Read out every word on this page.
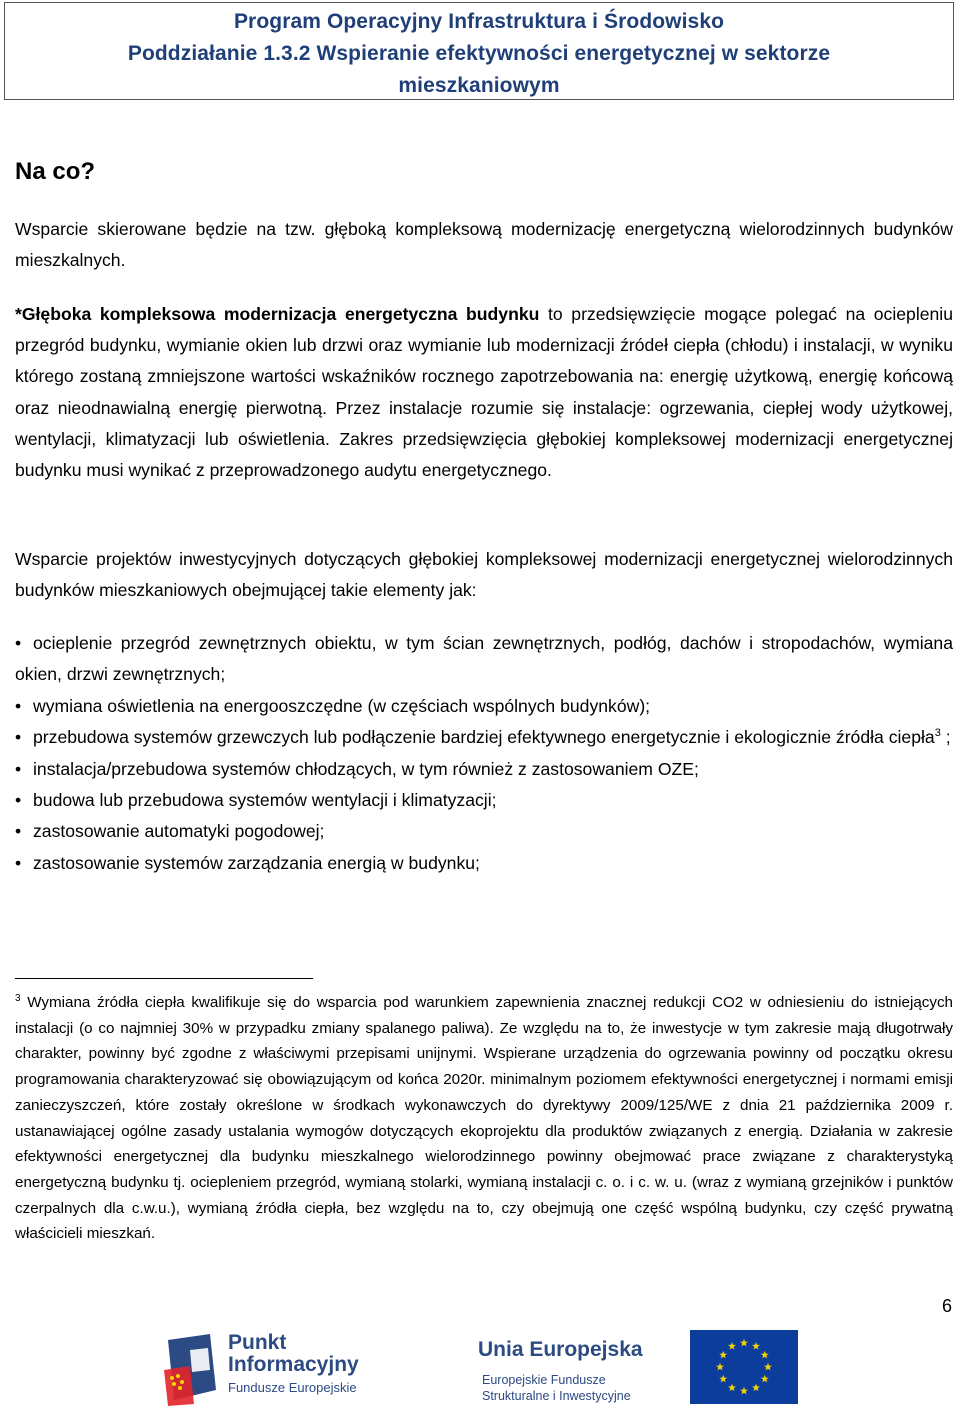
Program Operacyjny Infrastruktura i Środowisko
Poddziałanie 1.3.2 Wspieranie efektywności energetycznej w sektorze
mieszkaniowym
Na co?

Wsparcie skierowane będzie na tzw. głęboką kompleksową modernizację energetyczną wielorodzinnych budynków mieszkalnych.

*Głęboka kompleksowa modernizacja energetyczna budynku to przedsięwzięcie mogące polegać na ociepleniu przegród budynku, wymianie okien lub drzwi oraz wymianie lub modernizacji źródeł ciepła (chłodu) i instalacji, w wyniku którego zostaną zmniejszone wartości wskaźników rocznego zapotrzebowania na: energię użytkową, energię końcową oraz nieodnawialną energię pierwotną. Przez instalacje rozumie się instalacje: ogrzewania, ciepłej wody użytkowej, wentylacji, klimatyzacji lub oświetlenia. Zakres przedsięwzięcia głębokiej kompleksowej modernizacji energetycznej budynku musi wynikać z przeprowadzonego audytu energetycznego.

Wsparcie projektów inwestycyjnych dotyczących głębokiej kompleksowej modernizacji energetycznej wielorodzinnych budynków mieszkaniowych obejmującej takie elementy jak:

• ocieplenie przegród zewnętrznych obiektu, w tym ścian zewnętrznych, podłóg, dachów i stropodachów, wymiana okien, drzwi zewnętrznych;
• wymiana oświetlenia na energooszczędne (w częściach wspólnych budynków);
• przebudowa systemów grzewczych lub podłączenie bardziej efektywnego energetycznie i ekologicznie źródła ciepła$^3$ ;
• instalacja/przebudowa systemów chłodzących, w tym również z zastosowaniem OZE;
• budowa lub przebudowa systemów wentylacji i klimatyzacji;
• zastosowanie automatyki pogodowej;
• zastosowanie systemów zarządzania energią w budynku;

$^3$ Wymiana źródła ciepła kwalifikuje się do wsparcia pod warunkiem zapewnienia znacznej redukcji CO2 w odniesieniu do istniejących instalacji (o co najmniej 30% w przypadku zmiany spalanego paliwa). Ze względu na to, że inwestycje w tym zakresie mają długotrwały charakter, powinny być zgodne z właściwymi przepisami unijnymi. Wspierane urządzenia do ogrzewania powinny od początku okresu programowania charakteryzować się obowiązującym od końca 2020r. minimalnym poziomem efektywności energetycznej i normami emisji zanieczyszczeń, które zostały określone w środkach wykonawczych do dyrektywy 2009/125/WE z dnia 21 października 2009 r. ustanawiającej ogólne zasady ustalania wymogów dotyczących ekoprojektu dla produktów związanych z energią. Działania w zakresie efektywności energetycznej dla budynku mieszkalnego wielorodzinnego powinny obejmować prace związane z charakterystyką energetyczną budynku tj. ociepleniem przegród, wymianą stolarki, wymianą instalacji c. o. i c. w. u. (wraz z wymianą grzejników i punktów czerpalnych dla c.w.u.), wymianą źródła ciepła, bez względu na to, czy obejmują one część wspólną budynku, czy część prywatną właścicieli mieszkań.

6
Punkt
Informacyjny
Fundusze Europejskie
Unia Europejska
Europejskie Fundusze
Strukturalne i Inwestycyjne
